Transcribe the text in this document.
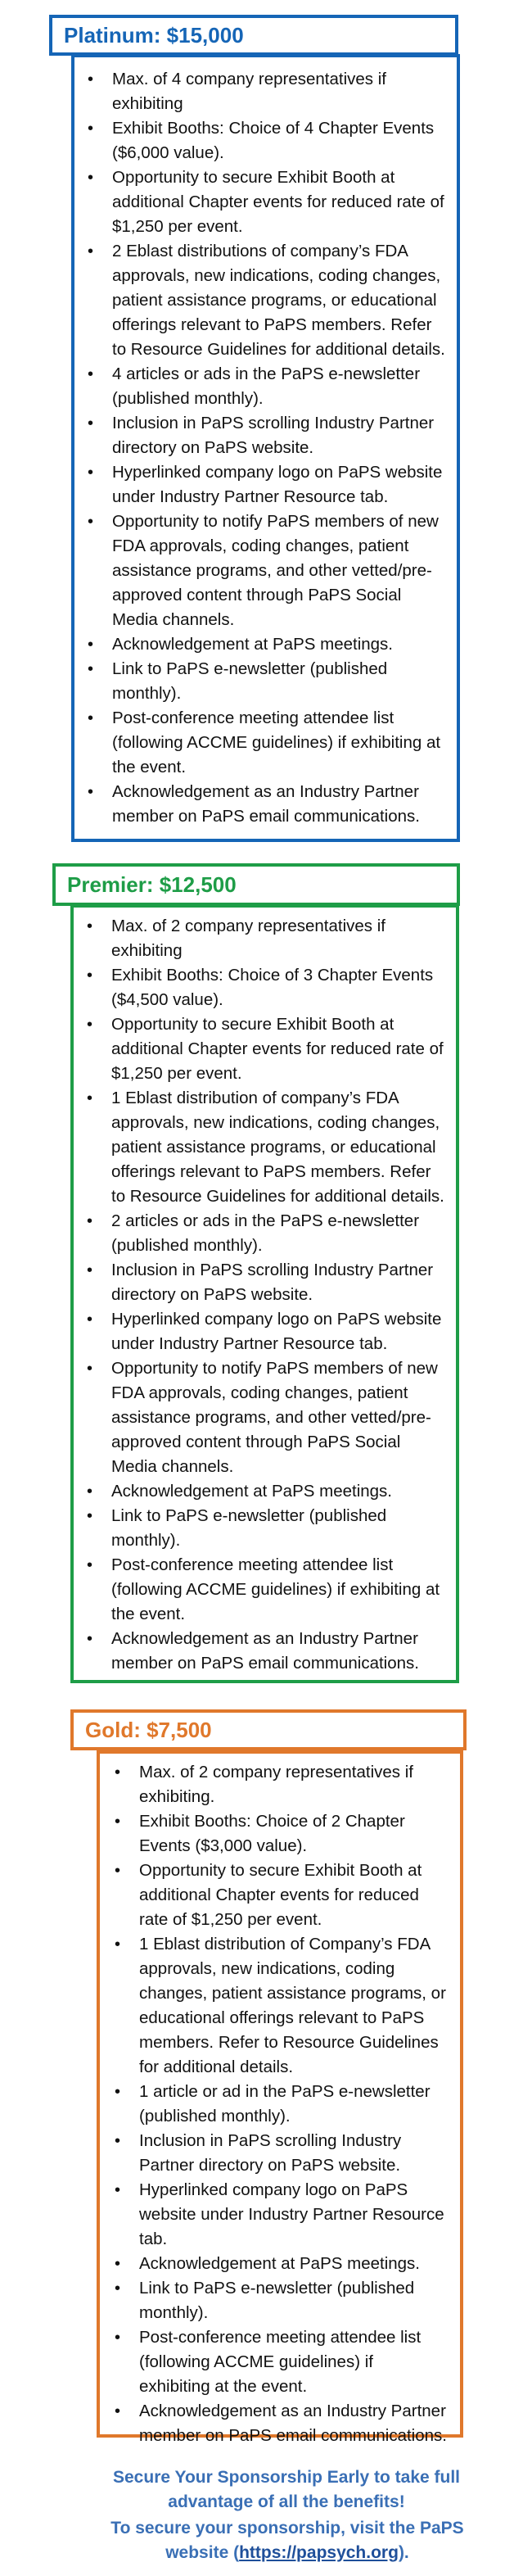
Platinum: $15,000
• Max. of 4 company representatives if exhibiting
• Exhibit Booths: Choice of 4 Chapter Events ($6,000 value).
• Opportunity to secure Exhibit Booth at additional Chapter events for reduced rate of $1,250 per event.
• 2 Eblast distributions of company’s FDA approvals, new indications, coding changes, patient assistance programs, or educational offerings relevant to PaPS members. Refer to Resource Guidelines for additional details.
• 4 articles or ads in the PaPS e-newsletter (published monthly).
• Inclusion in PaPS scrolling Industry Partner directory on PaPS website.
• Hyperlinked company logo on PaPS website under Industry Partner Resource tab.
• Opportunity to notify PaPS members of new FDA approvals, coding changes, patient assistance programs, and other vetted/pre-approved content through PaPS Social Media channels.
• Acknowledgement at PaPS meetings.
• Link to PaPS e-newsletter (published monthly).
• Post-conference meeting attendee list (following ACCME guidelines) if exhibiting at the event.
• Acknowledgement as an Industry Partner member on PaPS email communications.
Premier: $12,500
• Max. of 2 company representatives if exhibiting
• Exhibit Booths: Choice of 3 Chapter Events ($4,500 value).
• Opportunity to secure Exhibit Booth at additional Chapter events for reduced rate of $1,250 per event.
• 1 Eblast distribution of company’s FDA approvals, new indications, coding changes, patient assistance programs, or educational offerings relevant to PaPS members. Refer to Resource Guidelines for additional details.
• 2 articles or ads in the PaPS e-newsletter (published monthly).
• Inclusion in PaPS scrolling Industry Partner directory on PaPS website.
• Hyperlinked company logo on PaPS website under Industry Partner Resource tab.
• Opportunity to notify PaPS members of new FDA approvals, coding changes, patient assistance programs, and other vetted/pre-approved content through PaPS Social Media channels.
• Acknowledgement at PaPS meetings.
• Link to PaPS e-newsletter (published monthly).
• Post-conference meeting attendee list (following ACCME guidelines) if exhibiting at the event.
• Acknowledgement as an Industry Partner member on PaPS email communications.
Gold: $7,500
• Max. of 2 company representatives if exhibiting.
• Exhibit Booths: Choice of 2 Chapter Events ($3,000 value).
• Opportunity to secure Exhibit Booth at additional Chapter events for reduced rate of $1,250 per event.
• 1 Eblast distribution of Company’s FDA approvals, new indications, coding changes, patient assistance programs, or educational offerings relevant to PaPS members. Refer to Resource Guidelines for additional details.
• 1 article or ad in the PaPS e-newsletter (published monthly).
• Inclusion in PaPS scrolling Industry Partner directory on PaPS website.
• Hyperlinked company logo on PaPS website under Industry Partner Resource tab.
• Acknowledgement at PaPS meetings.
• Link to PaPS e-newsletter (published monthly).
• Post-conference meeting attendee list (following ACCME guidelines) if exhibiting at the event.
• Acknowledgement as an Industry Partner member on PaPS email communications.
Secure Your Sponsorship Early to take full advantage of all the benefits!
To secure your sponsorship, visit the PaPS website (https://papsych.org).
